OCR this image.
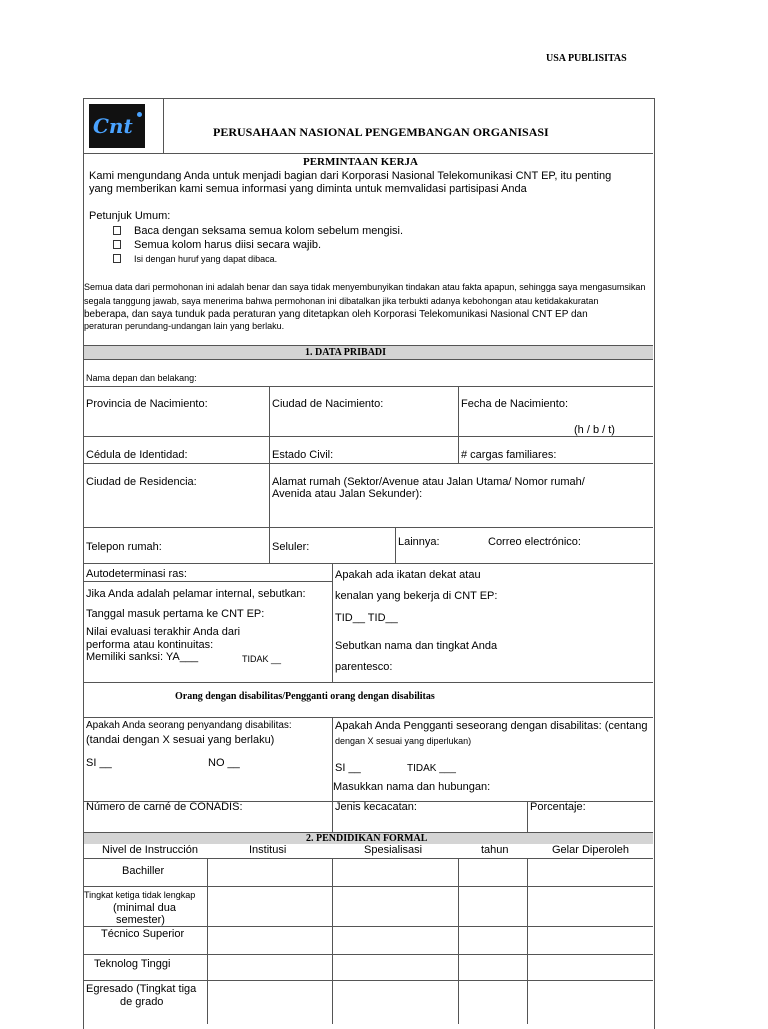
USA PUBLISITAS
Cnt	PERUSAHAAN NASIONAL PENGEMBANGAN ORGANISASI
PERMINTAAN KERJA
Kami mengundang Anda untuk menjadi bagian dari Korporasi Nasional Telekomunikasi CNT EP, itu penting
yang memberikan kami semua informasi yang diminta untuk memvalidasi partisipasi Anda
Petunjuk Umum:
Baca dengan seksama semua kolom sebelum mengisi.
Semua kolom harus diisi secara wajib.
Isi dengan huruf yang dapat dibaca.
Semua data dari permohonan ini adalah benar dan saya tidak menyembunyikan tindakan atau fakta apapun, sehingga saya mengasumsikan
segala tanggung jawab, saya menerima bahwa permohonan ini dibatalkan jika terbukti adanya kebohongan atau ketidakakuratan
beberapa, dan saya tunduk pada peraturan yang ditetapkan oleh Korporasi Telekomunikasi Nasional CNT EP dan
peraturan perundang-undangan lain yang berlaku.
1. DATA PRIBADI
Nama depan dan belakang:
Provincia de Nacimiento:	Ciudad de Nacimiento:	Fecha de Nacimiento:
(h / b / t)
Cédula de Identidad:	Estado Civil:	# cargas familiares:
Ciudad de Residencia:	Alamat rumah (Sektor/Avenue atau Jalan Utama/ Nomor rumah/
Avenida atau Jalan Sekunder):
Telepon rumah:	Seluler:	Lainnya:	Correo electrónico:
Autodeterminasi ras:
Jika Anda adalah pelamar internal, sebutkan:
Tanggal masuk pertama ke CNT EP:
Nilai evaluasi terakhir Anda dari
performa atau kontinuitas:
Memiliki sanksi: YA___	TIDAK __
Apakah ada ikatan dekat atau
kenalan yang bekerja di CNT EP:
TID__ TID__
Sebutkan nama dan tingkat Anda
parentesco:
Orang dengan disabilitas/Pengganti orang dengan disabilitas
Apakah Anda seorang penyandang disabilitas:
(tandai dengan X sesuai yang berlaku)
SI __	NO __
Apakah Anda Pengganti seseorang dengan disabilitas: (centang
dengan X sesuai yang diperlukan)
SI __	TIDAK ___
Masukkan nama dan hubungan:
Número de carné de CONADIS:	Jenis kecacatan:	Porcentaje:
2. PENDIDIKAN FORMAL
Nivel de Instrucción	Institusi	Spesialisasi	tahun	Gelar Diperoleh
Bachiller
Tingkat ketiga tidak lengkap
(minimal dua
semester)
Técnico Superior
Teknolog Tinggi
Egresado (Tingkat tiga
de grado
